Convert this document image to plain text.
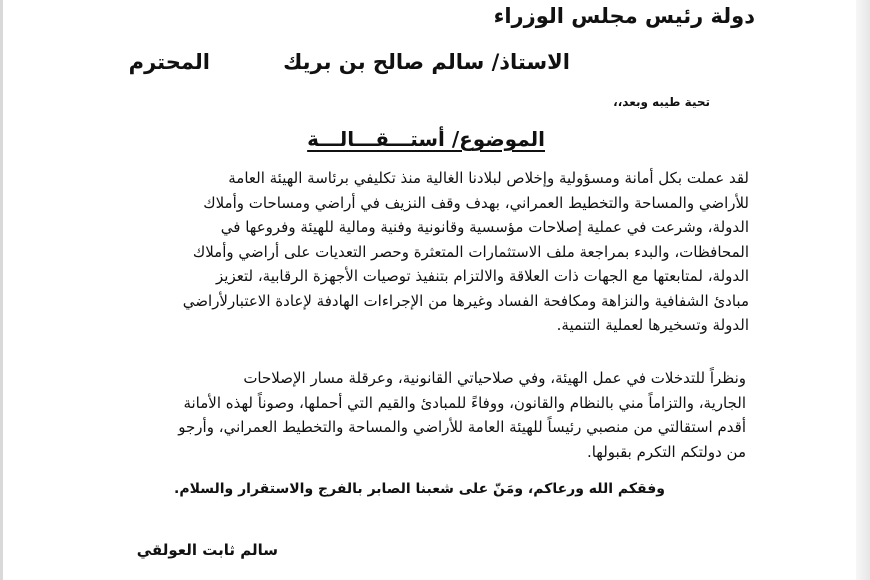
دولة رئيس مجلس الوزراء
الاستاذ/ سالم صالح بن بريك
المحترم
تحية طيبه وبعد،،
الموضوع/ أستـــقـــالـــة
لقد عملت بكل أمانة ومسؤولية وإخلاص لبلادنا الغالية منذ تكليفي برئاسة الهيئة العامة
للأراضي والمساحة والتخطيط العمراني، بهدف وقف النزيف في أراضي ومساحات وأملاك
الدولة، وشرعت في عملية إصلاحات مؤسسية وقانونية وفنية ومالية للهيئة وفروعها في
المحافظات، والبدء بمراجعة ملف الاستثمارات المتعثرة وحصر التعديات على أراضي وأملاك
الدولة، لمتابعتها مع الجهات ذات العلاقة والالتزام بتنفيذ توصيات الأجهزة الرقابية، لتعزيز
مبادئ الشفافية والنزاهة ومكافحة الفساد وغيرها من الإجراءات الهادفة لإعادة الاعتبارلأراضي
الدولة وتسخيرها لعملية التنمية.
ونظراً للتدخلات في عمل الهيئة، وفي صلاحياتي القانونية، وعرقلة مسار الإصلاحات
الجارية، والتزاماً مني بالنظام والقانون، ووفاءً للمبادئ والقيم التي أحملها، وصوناً لهذه الأمانة
أقدم استقالتي من منصبي رئيساً للهيئة العامة للأراضي والمساحة والتخطيط العمراني، وأرجو
من دولتكم التكرم بقبولها.
وفقكم الله ورعاكم، ومَنّ على شعبنا الصابر بالفرج والاستقرار والسلام.
سالم ثابت العولقي
